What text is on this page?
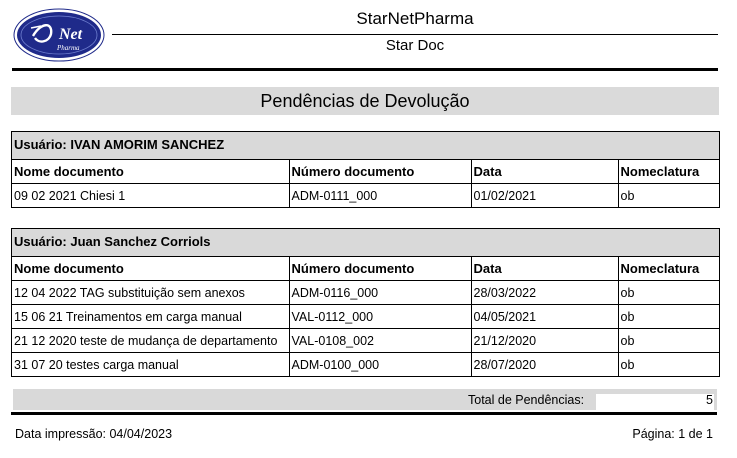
Net
Pharma
StarNetPharma
Star Doc
Pendências de Devolução
Usuário: IVAN AMORIM SANCHEZ
Nome documento	Número documento	Data	Nomeclatura
09 02 2021 Chiesi 1	ADM-0111_000	01/02/2021	ob
Usuário: Juan Sanchez Corriols
Nome documento	Número documento	Data	Nomeclatura
12 04 2022 TAG substituição sem anexos	ADM-0116_000	28/03/2022	ob
15 06 21 Treinamentos em carga manual	VAL-0112_000	04/05/2021	ob
21 12 2020 teste de mudança de departamento	VAL-0108_002	21/12/2020	ob
31 07 20 testes carga manual	ADM-0100_000	28/07/2020	ob
Total de Pendências:	5
Data impressão: 04/04/2023	Página: 1 de 1
